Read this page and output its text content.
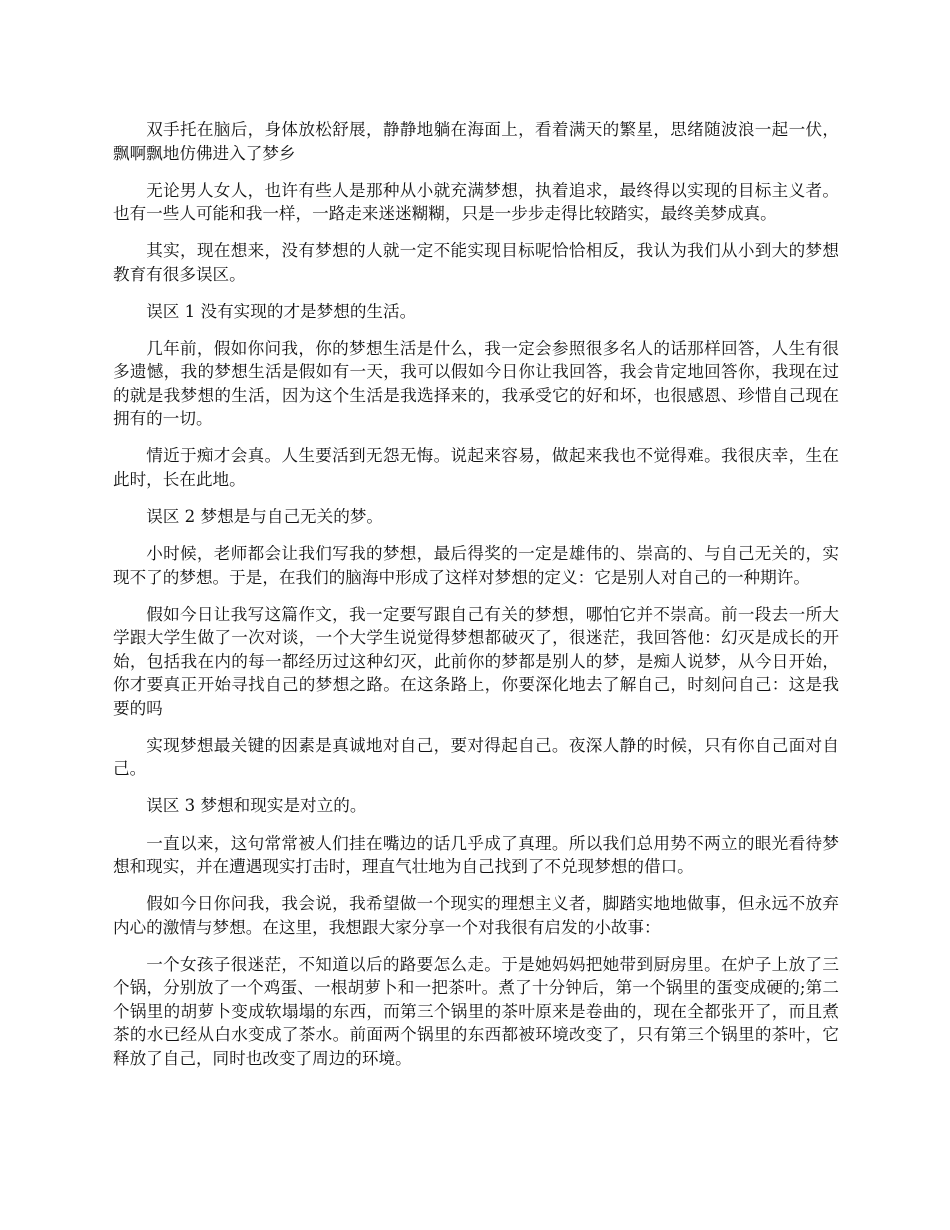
双手托在脑后，身体放松舒展，静静地躺在海面上，看着满天的繁星，思绪随波浪一起一伏，飘啊飘地仿佛进入了梦乡

无论男人女人，也许有些人是那种从小就充满梦想，执着追求，最终得以实现的目标主义者。也有一些人可能和我一样，一路走来迷迷糊糊，只是一步步走得比较踏实，最终美梦成真。

其实，现在想来，没有梦想的人就一定不能实现目标呢恰恰相反，我认为我们从小到大的梦想教育有很多误区。

误区 1 没有实现的才是梦想的生活。

几年前，假如你问我，你的梦想生活是什么，我一定会参照很多名人的话那样回答，人生有很多遗憾，我的梦想生活是假如有一天，我可以假如今日你让我回答，我会肯定地回答你，我现在过的就是我梦想的生活，因为这个生活是我选择来的，我承受它的好和坏，也很感恩、珍惜自己现在拥有的一切。

情近于痴才会真。人生要活到无怨无悔。说起来容易，做起来我也不觉得难。我很庆幸，生在此时，长在此地。

误区 2 梦想是与自己无关的梦。

小时候，老师都会让我们写我的梦想，最后得奖的一定是雄伟的、崇高的、与自己无关的，实现不了的梦想。于是，在我们的脑海中形成了这样对梦想的定义：它是别人对自己的一种期许。

假如今日让我写这篇作文，我一定要写跟自己有关的梦想，哪怕它并不崇高。前一段去一所大学跟大学生做了一次对谈，一个大学生说觉得梦想都破灭了，很迷茫，我回答他：幻灭是成长的开始，包括我在内的每一都经历过这种幻灭，此前你的梦都是别人的梦，是痴人说梦，从今日开始，你才要真正开始寻找自己的梦想之路。在这条路上，你要深化地去了解自己，时刻问自己：这是我要的吗

实现梦想最关键的因素是真诚地对自己，要对得起自己。夜深人静的时候，只有你自己面对自己。

误区 3 梦想和现实是对立的。

一直以来，这句常常被人们挂在嘴边的话几乎成了真理。所以我们总用势不两立的眼光看待梦想和现实，并在遭遇现实打击时，理直气壮地为自己找到了不兑现梦想的借口。

假如今日你问我，我会说，我希望做一个现实的理想主义者，脚踏实地地做事，但永远不放弃内心的激情与梦想。在这里，我想跟大家分享一个对我很有启发的小故事：

一个女孩子很迷茫，不知道以后的路要怎么走。于是她妈妈把她带到厨房里。在炉子上放了三个锅，分别放了一个鸡蛋、一根胡萝卜和一把茶叶。煮了十分钟后，第一个锅里的蛋变成硬的;第二个锅里的胡萝卜变成软塌塌的东西，而第三个锅里的茶叶原来是卷曲的，现在全都张开了，而且煮茶的水已经从白水变成了茶水。前面两个锅里的东西都被环境改变了，只有第三个锅里的茶叶，它释放了自己，同时也改变了周边的环境。
